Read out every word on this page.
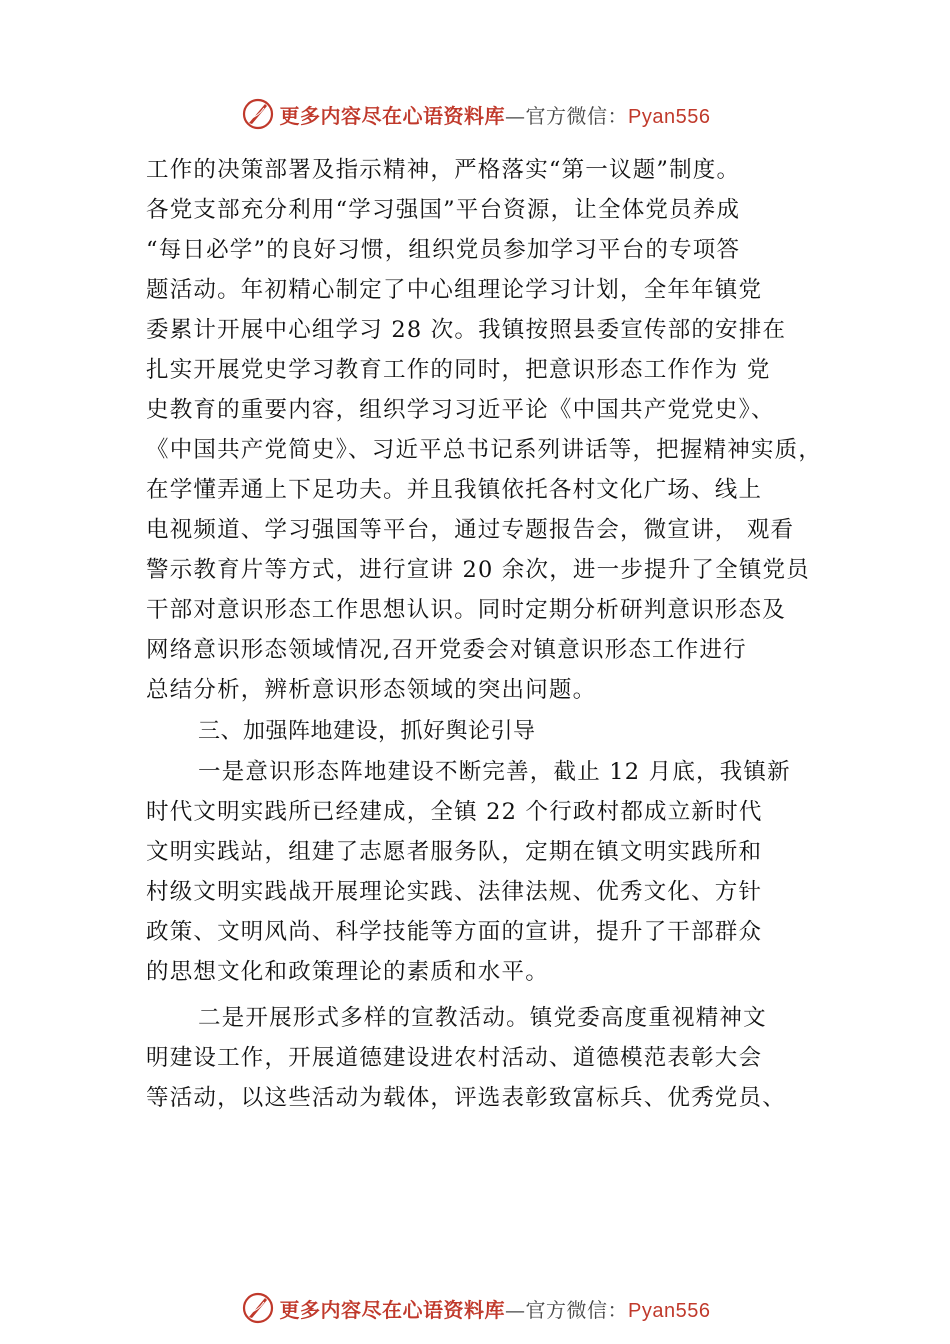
更多内容尽在心语资料库—官方微信：Pyan556
工作的决策部署及指示精神，严格落实“第一议题”制度。
各党支部充分利用“学习强国”平台资源，让全体党员养成
“每日必学”的良好习惯，组织党员参加学习平台的专项答
题活动。年初精心制定了中心组理论学习计划，全年年镇党
委累计开展中心组学习 28 次。我镇按照县委宣传部的安排在
扎实开展党史学习教育工作的同时，把意识形态工作作为 党
史教育的重要内容，组织学习习近平论《中国共产党党史》、
《中国共产党简史》、习近平总书记系列讲话等，把握精神实质，
在学懂弄通上下足功夫。并且我镇依托各村文化广场、线上
电视频道、学习强国等平台，通过专题报告会，微宣讲， 观看
警示教育片等方式，进行宣讲 20 余次，进一步提升了全镇党员
干部对意识形态工作思想认识。同时定期分析研判意识形态及
网络意识形态领域情况,召开党委会对镇意识形态工作进行
总结分析，辨析意识形态领域的突出问题。
三、加强阵地建设，抓好舆论引导
一是意识形态阵地建设不断完善，截止 12 月底，我镇新
时代文明实践所已经建成，全镇 22 个行政村都成立新时代
文明实践站，组建了志愿者服务队，定期在镇文明实践所和
村级文明实践战开展理论实践、法律法规、优秀文化、方针
政策、文明风尚、科学技能等方面的宣讲，提升了干部群众
的思想文化和政策理论的素质和水平。
二是开展形式多样的宣教活动。镇党委高度重视精神文
明建设工作，开展道德建设进农村活动、道德模范表彰大会
等活动，以这些活动为载体，评选表彰致富标兵、优秀党员、
更多内容尽在心语资料库—官方微信：Pyan556
